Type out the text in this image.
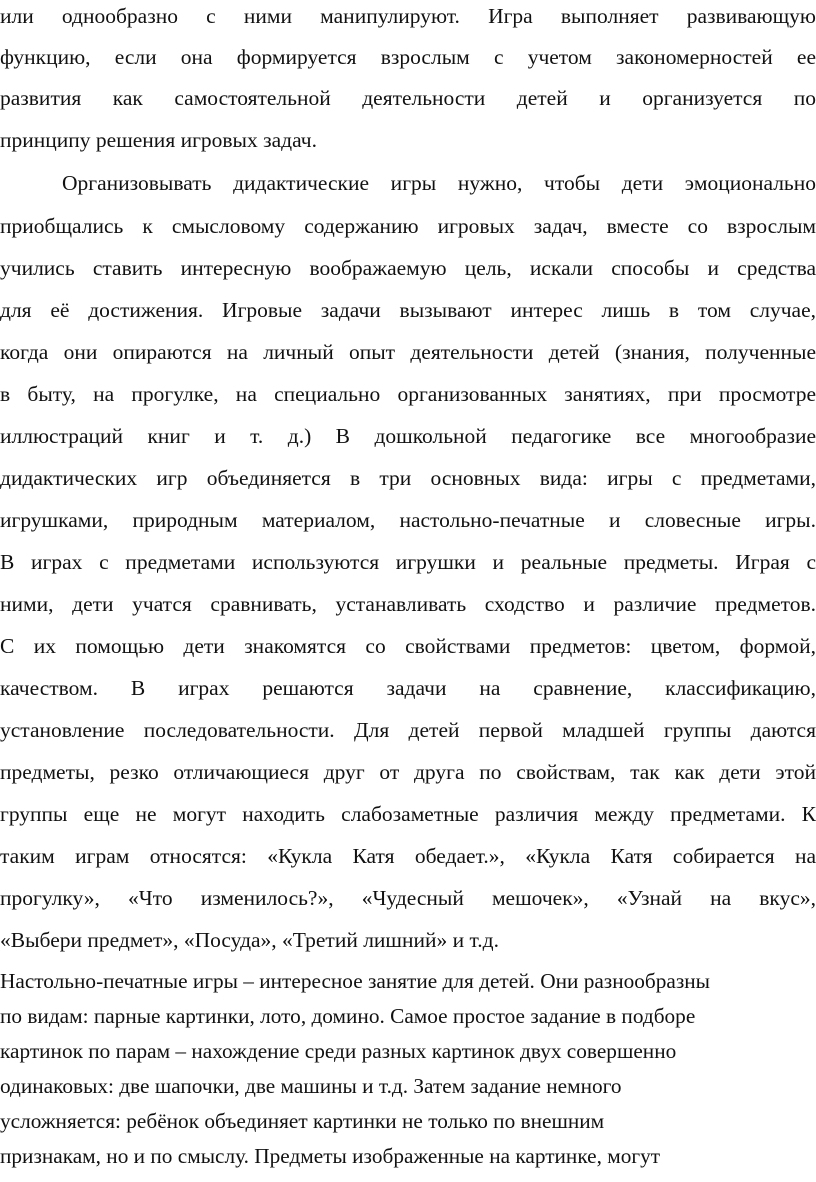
или однообразно с ними манипулируют. Игра выполняет развивающую

функцию, если она формируется взрослым с учетом закономерностей ее

развития как самостоятельной деятельности детей и организуется по

принципу решения игровых задач.

Организовывать дидактические игры нужно, чтобы дети эмоционально

приобщались к смысловому содержанию игровых задач, вместе со взрослым

учились ставить интересную воображаемую цель, искали способы и средства

для её достижения. Игровые задачи вызывают интерес лишь в том случае,

когда они опираются на личный опыт деятельности детей (знания, полученные

в быту, на прогулке, на специально организованных занятиях, при просмотре

иллюстраций книг и т. д.) В дошкольной педагогике все многообразие

дидактических игр объединяется в три основных вида: игры с предметами,

игрушками, природным материалом, настольно-печатные и словесные игры.

В играх с предметами используются игрушки и реальные предметы. Играя с

ними, дети учатся сравнивать, устанавливать сходство и различие предметов.

С их помощью дети знакомятся со свойствами предметов: цветом, формой,

качеством. В играх решаются задачи на сравнение, классификацию,

установление последовательности. Для детей первой младшей группы даются

предметы, резко отличающиеся друг от друга по свойствам, так как дети этой

группы еще не могут находить слабозаметные различия между предметами. К

таким играм относятся: «Кукла Катя обедает.», «Кукла Катя собирается на

прогулку», «Что изменилось?», «Чудесный мешочек», «Узнай на вкус»,

«Выбери предмет», «Посуда», «Третий лишний» и т.д.

Настольно-печатные игры – интересное занятие для детей. Они разнообразны

по видам: парные картинки, лото, домино. Самое простое задание в подборе

картинок по парам – нахождение среди разных картинок двух совершенно

одинаковых: две шапочки, две машины и т.д. Затем задание немного

усложняется: ребёнок объединяет картинки не только по внешним

признакам, но и по смыслу. Предметы изображенные на картинке, могут
